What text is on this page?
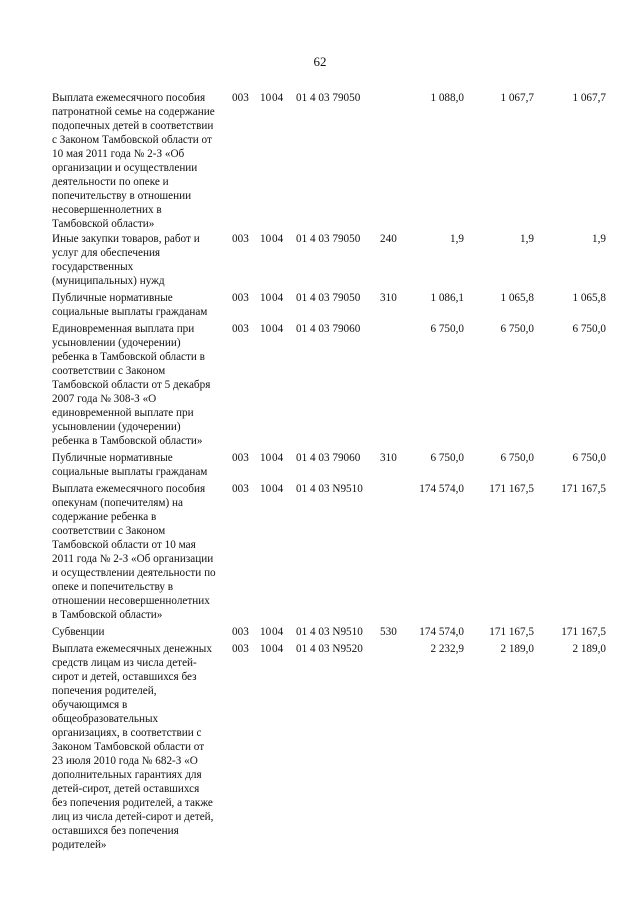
62
Выплата ежемесячного пособия
патронатной семье на содержание
подопечных детей в соответствии
с Законом Тамбовской области от
10 мая 2011 года № 2-З «Об
организации и осуществлении
деятельности по опеке и
попечительству в отношении
несовершеннолетних в
Тамбовской области»
003 10 04 01 4 03 79050	1 088,0	1 067,7	1 067,7
Иные закупки товаров, работ и
услуг для обеспечения
государственных
(муниципальных) нужд
003 10 04 01 4 03 79050 240	1,9	1,9	1,9
Публичные нормативные
социальные выплаты гражданам
003 10 04 01 4 03 79050 310	1 086,1	1 065,8	1 065,8
Единовременная выплата при
усыновлении (удочерении)
ребенка в Тамбовской области в
соответствии с Законом
Тамбовской области от 5 декабря
2007 года № 308-З «О
единовременной выплате при
усыновлении (удочерении)
ребенка в Тамбовской области»
003 10 04 01 4 03 79060	6 750,0	6 750,0	6 750,0
Публичные нормативные
социальные выплаты гражданам
003 10 04 01 4 03 79060 310	6 750,0	6 750,0	6 750,0
Выплата ежемесячного пособия
опекунам (попечителям) на
содержание ребенка в
соответствии с Законом
Тамбовской области от 10 мая
2011 года № 2-З «Об организации
и осуществлении деятельности по
опеке и попечительству в
отношении несовершеннолетних
в Тамбовской области»
003 10 04 01 4 03 N9510	174 574,0	171 167,5	171 167,5
Субвенции	003 10 04 01 4 03 N9510 530	174 574,0	171 167,5	171 167,5
Выплата ежемесячных денежных
средств лицам из числа детей-
сирот и детей, оставшихся без
попечения родителей,
обучающимся в
общеобразовательных
организациях, в соответствии с
Законом Тамбовской области от
23 июля 2010 года № 682-З «О
дополнительных гарантиях для
детей-сирот, детей оставшихся
без попечения родителей, а также
лиц из числа детей-сирот и детей,
оставшихся без попечения
родителей»
003 10 04 01 4 03 N9520	2 232,9	2 189,0	2 189,0
